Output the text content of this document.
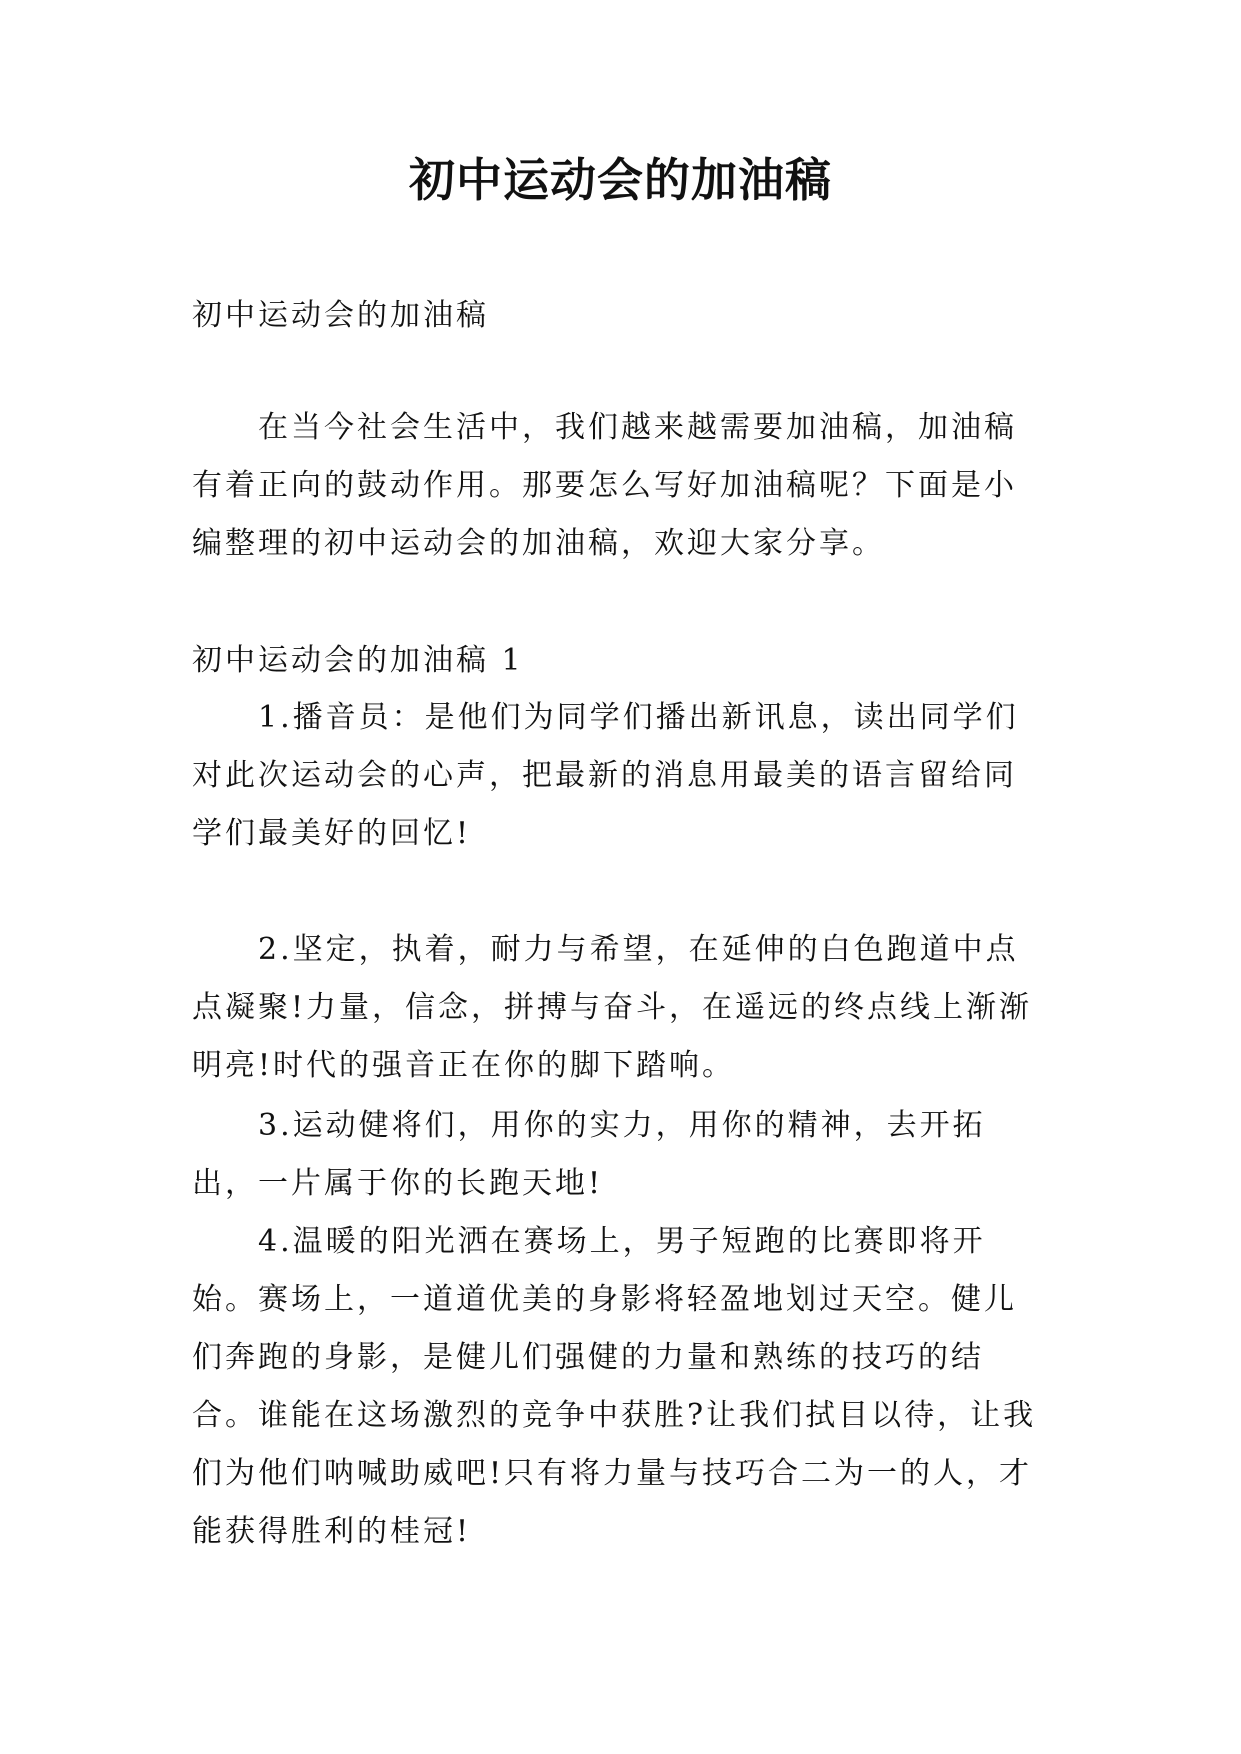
初中运动会的加油稿

初中运动会的加油稿

在当今社会生活中，我们越来越需要加油稿，加油稿有着正向的鼓动作用。那要怎么写好加油稿呢？下面是小编整理的初中运动会的加油稿，欢迎大家分享。

初中运动会的加油稿 1

1.播音员：是他们为同学们播出新讯息，读出同学们对此次运动会的心声，把最新的消息用最美的语言留给同学们最美好的回忆!

2.坚定，执着，耐力与希望，在延伸的白色跑道中点点凝聚!力量，信念，拼搏与奋斗，在遥远的终点线上渐渐明亮!时代的强音正在你的脚下踏响。

3.运动健将们，用你的实力，用你的精神，去开拓出，一片属于你的长跑天地!

4.温暖的阳光洒在赛场上，男子短跑的比赛即将开始。赛场上，一道道优美的身影将轻盈地划过天空。健儿们奔跑的身影，是健儿们强健的力量和熟练的技巧的结合。谁能在这场激烈的竞争中获胜?让我们拭目以待，让我们为他们呐喊助威吧!只有将力量与技巧合二为一的人，才能获得胜利的桂冠!
